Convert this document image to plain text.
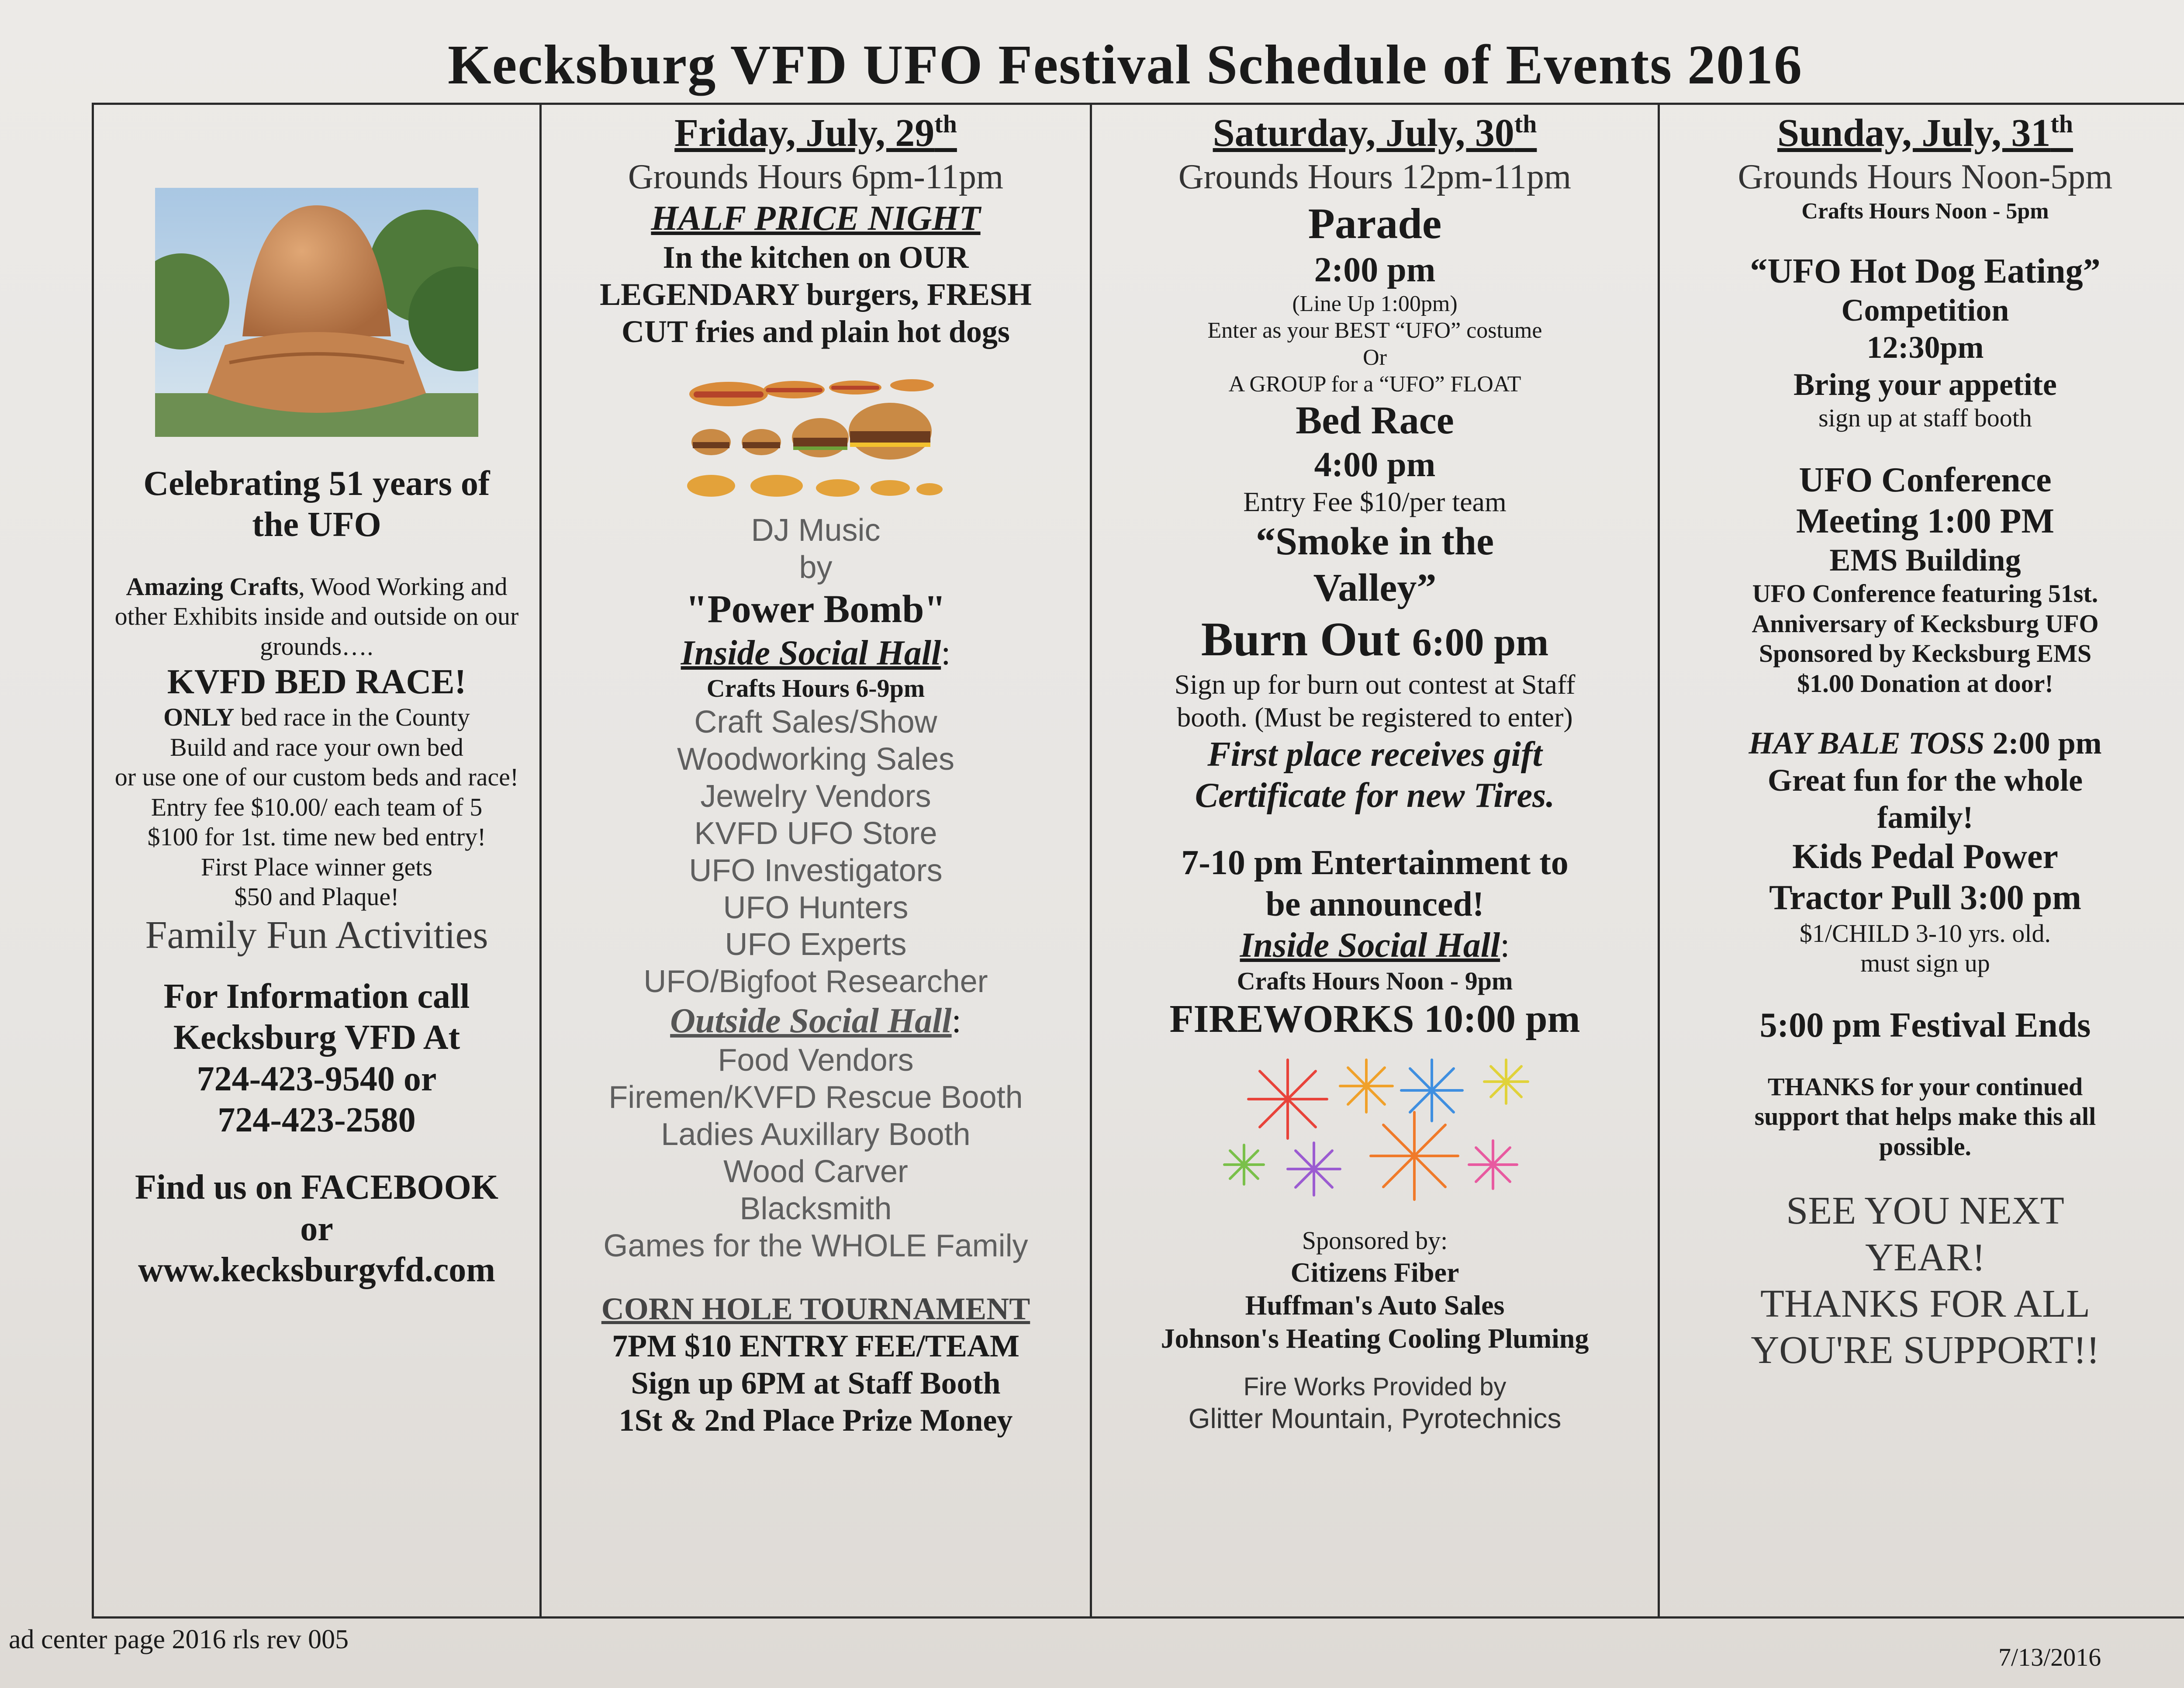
Kecksburg VFD UFO Festival Schedule of Events 2016

Celebrating 51 years of the UFO

Amazing Crafts, Wood Working and other Exhibits inside and outside on our grounds….

KVFD BED RACE!

ONLY bed race in the County

Build and race your own bed

or use one of our custom beds and race!

Entry fee $10.00/ each team of 5

$100 for 1st. time new bed entry!

First Place winner gets

$50 and Plaque!

Family Fun Activities

For Information call

Kecksburg VFD At

724-423-9540 or

724-423-2580

Find us on FACEBOOK

or

www.kecksburgvfd.com

Friday, July, 29th

Grounds Hours 6pm-11pm

HALF PRICE NIGHT

In the kitchen on OUR

LEGENDARY burgers, FRESH

CUT fries and plain hot dogs

DJ Music

by

"Power Bomb"

Inside Social Hall:

Crafts Hours 6-9pm

Craft Sales/Show

Woodworking Sales

Jewelry Vendors

KVFD UFO Store

UFO Investigators

UFO Hunters

UFO Experts

UFO/Bigfoot Researcher

Outside Social Hall:

Food Vendors

Firemen/KVFD Rescue Booth

Ladies Auxillary Booth

Wood Carver

Blacksmith

Games for the WHOLE Family

CORN HOLE TOURNAMENT

7PM $10 ENTRY FEE/TEAM

Sign up 6PM at Staff Booth

1St & 2nd Place Prize Money

Saturday, July, 30th

Grounds Hours 12pm-11pm

Parade

2:00 pm

(Line Up 1:00pm)

Enter as your BEST “UFO” costume

Or

A GROUP for a “UFO” FLOAT

Bed Race

4:00 pm

Entry Fee $10/per team

“Smoke in the

Valley”

Burn Out 6:00 pm

Sign up for burn out contest at Staff

booth. (Must be registered to enter)

First place receives gift

Certificate for new Tires.

7-10 pm Entertainment to

be announced!

Inside Social Hall:

Crafts Hours Noon - 9pm

FIREWORKS 10:00 pm

Sponsored by:

Citizens Fiber

Huffman's Auto Sales

Johnson's Heating Cooling Pluming

Fire Works Provided by

Glitter Mountain, Pyrotechnics

Sunday, July, 31th

Grounds Hours Noon-5pm

Crafts Hours Noon - 5pm

“UFO Hot Dog Eating”

Competition

12:30pm

Bring your appetite

sign up at staff booth

UFO Conference

Meeting 1:00 PM

EMS Building

UFO Conference featuring 51st.

Anniversary of Kecksburg UFO

Sponsored by Kecksburg EMS

$1.00 Donation at door!

HAY BALE TOSS 2:00 pm

Great fun for the whole

family!

Kids Pedal Power

Tractor Pull 3:00 pm

$1/CHILD 3-10 yrs. old.

must sign up

5:00 pm Festival Ends

THANKS for your continued

support that helps make this all

possible.

SEE YOU NEXT

YEAR!

THANKS FOR ALL

YOU'RE SUPPORT!!

ad center page 2016 rls rev 005
7/13/2016
